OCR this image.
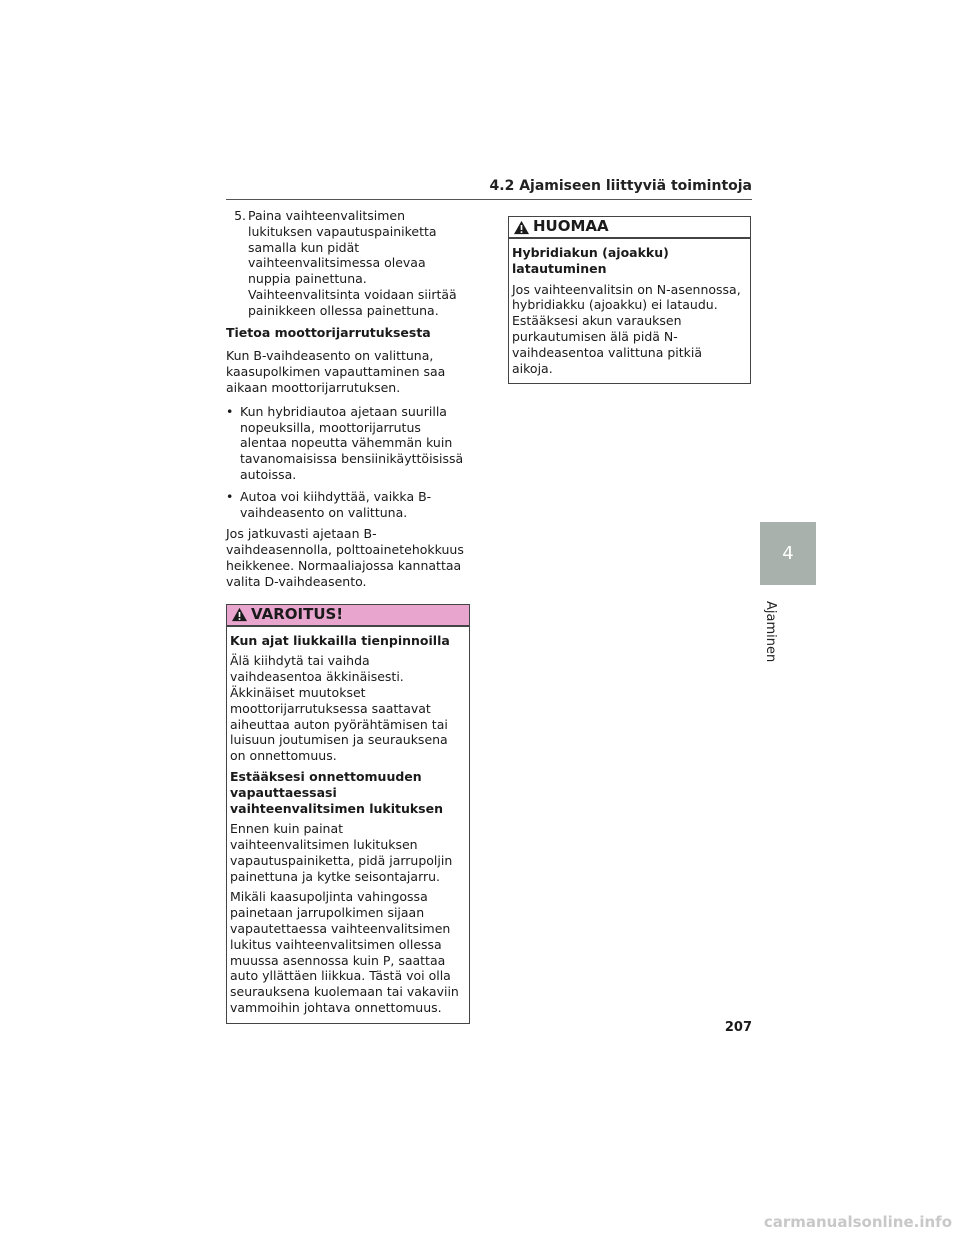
4.2 Ajamiseen liittyviä toimintoja
5. Paina vaihteenvalitsimen lukituksen vapautuspainiketta samalla kun pidät vaihteenvalitsimessa olevaa nuppia painettuna. Vaihteenvalitsinta voidaan siirtää painikkeen ollessa painettuna.
Tietoa moottorijarrutuksesta
Kun B-vaihdeasento on valittuna, kaasupolkimen vapauttaminen saa aikaan moottorijarrutuksen.
• Kun hybridiautoa ajetaan suurilla nopeuksilla, moottorijarrutus alentaa nopeutta vähemmän kuin tavanomaisissa bensiinikäyttöisissä autoissa.
• Autoa voi kiihdyttää, vaikka B-vaihdeasento on valittuna.
Jos jatkuvasti ajetaan B-vaihdeasennolla, polttoainetehokkuus heikkenee. Normaaliajossa kannattaa valita D-vaihdeasento.
VAROITUS!
Kun ajat liukkailla tienpinnoilla
Älä kiihdytä tai vaihda vaihdeasentoa äkkinäisesti. Äkkinäiset muutokset moottorijarrutuksessa saattavat aiheuttaa auton pyörähtämisen tai luisuun joutumisen ja seurauksena on onnettomuus.
Estääksesi onnettomuuden vapauttaessasi vaihteenvalitsimen lukituksen
Ennen kuin painat vaihteenvalitsimen lukituksen vapautuspainiketta, pidä jarrupoljin painettuna ja kytke seisontajarru.
Mikäli kaasupoljinta vahingossa painetaan jarrupolkimen sijaan vapautettaessa vaihteenvalitsimen lukitus vaihteenvalitsimen ollessa muussa asennossa kuin P, saattaa auto yllättäen liikkua. Tästä voi olla seurauksena kuolemaan tai vakaviin vammoihin johtava onnettomuus.
HUOMAA
Hybridiakun (ajoakku) latautuminen
Jos vaihteenvalitsin on N-asennossa, hybridiakku (ajoakku) ei lataudu. Estääksesi akun varauksen purkautumisen älä pidä N-vaihdeasentoa valittuna pitkiä aikoja.
4
Ajaminen
207
carmanualsonline.info
